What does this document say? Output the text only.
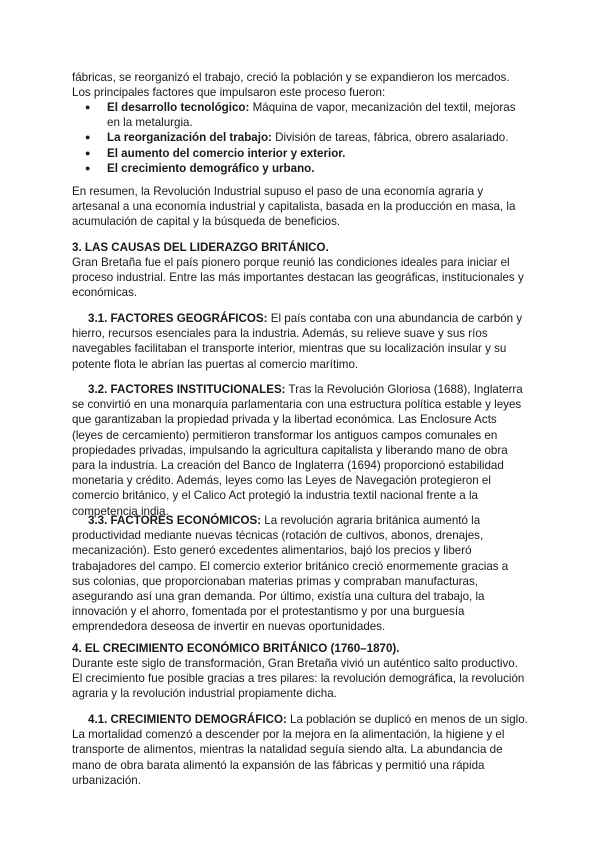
fábricas, se reorganizó el trabajo, creció la población y se expandieron los mercados. Los principales factores que impulsaron este proceso fueron:

● El desarrollo tecnológico: Máquina de vapor, mecanización del textil, mejoras en la metalurgia.
● La reorganización del trabajo: División de tareas, fábrica, obrero asalariado.
● El aumento del comercio interior y exterior.
● El crecimiento demográfico y urbano.

En resumen, la Revolución Industrial supuso el paso de una economía agraria y artesanal a una economía industrial y capitalista, basada en la producción en masa, la acumulación de capital y la búsqueda de beneficios.

3. LAS CAUSAS DEL LIDERAZGO BRITÁNICO.

Gran Bretaña fue el país pionero porque reunió las condiciones ideales para iniciar el proceso industrial. Entre las más importantes destacan las geográficas, institucionales y económicas.

3.1. FACTORES GEOGRÁFICOS: El país contaba con una abundancia de carbón y hierro, recursos esenciales para la industria. Además, su relieve suave y sus ríos navegables facilitaban el transporte interior, mientras que su localización insular y su potente flota le abrían las puertas al comercio marítimo.

3.2. FACTORES INSTITUCIONALES: Tras la Revolución Gloriosa (1688), Inglaterra se convirtió en una monarquía parlamentaria con una estructura política estable y leyes que garantizaban la propiedad privada y la libertad económica. Las Enclosure Acts (leyes de cercamiento) permitieron transformar los antiguos campos comunales en propiedades privadas, impulsando la agricultura capitalista y liberando mano de obra para la industria. La creación del Banco de Inglaterra (1694) proporcionó estabilidad monetaria y crédito. Además, leyes como las Leyes de Navegación protegieron el comercio británico, y el Calico Act protegió la industria textil nacional frente a la competencia india.

3.3. FACTORES ECONÓMICOS: La revolución agraria británica aumentó la productividad mediante nuevas técnicas (rotación de cultivos, abonos, drenajes, mecanización). Esto generó excedentes alimentarios, bajó los precios y liberó trabajadores del campo. El comercio exterior británico creció enormemente gracias a sus colonias, que proporcionaban materias primas y compraban manufacturas, asegurando así una gran demanda. Por último, existía una cultura del trabajo, la innovación y el ahorro, fomentada por el protestantismo y por una burguesía emprendedora deseosa de invertir en nuevas oportunidades.

4. EL CRECIMIENTO ECONÓMICO BRITÁNICO (1760–1870).

Durante este siglo de transformación, Gran Bretaña vivió un auténtico salto productivo. El crecimiento fue posible gracias a tres pilares: la revolución demográfica, la revolución agraria y la revolución industrial propiamente dicha.

4.1. CRECIMIENTO DEMOGRÁFICO: La población se duplicó en menos de un siglo. La mortalidad comenzó a descender por la mejora en la alimentación, la higiene y el transporte de alimentos, mientras la natalidad seguía siendo alta. La abundancia de mano de obra barata alimentó la expansión de las fábricas y permitió una rápida urbanización.
